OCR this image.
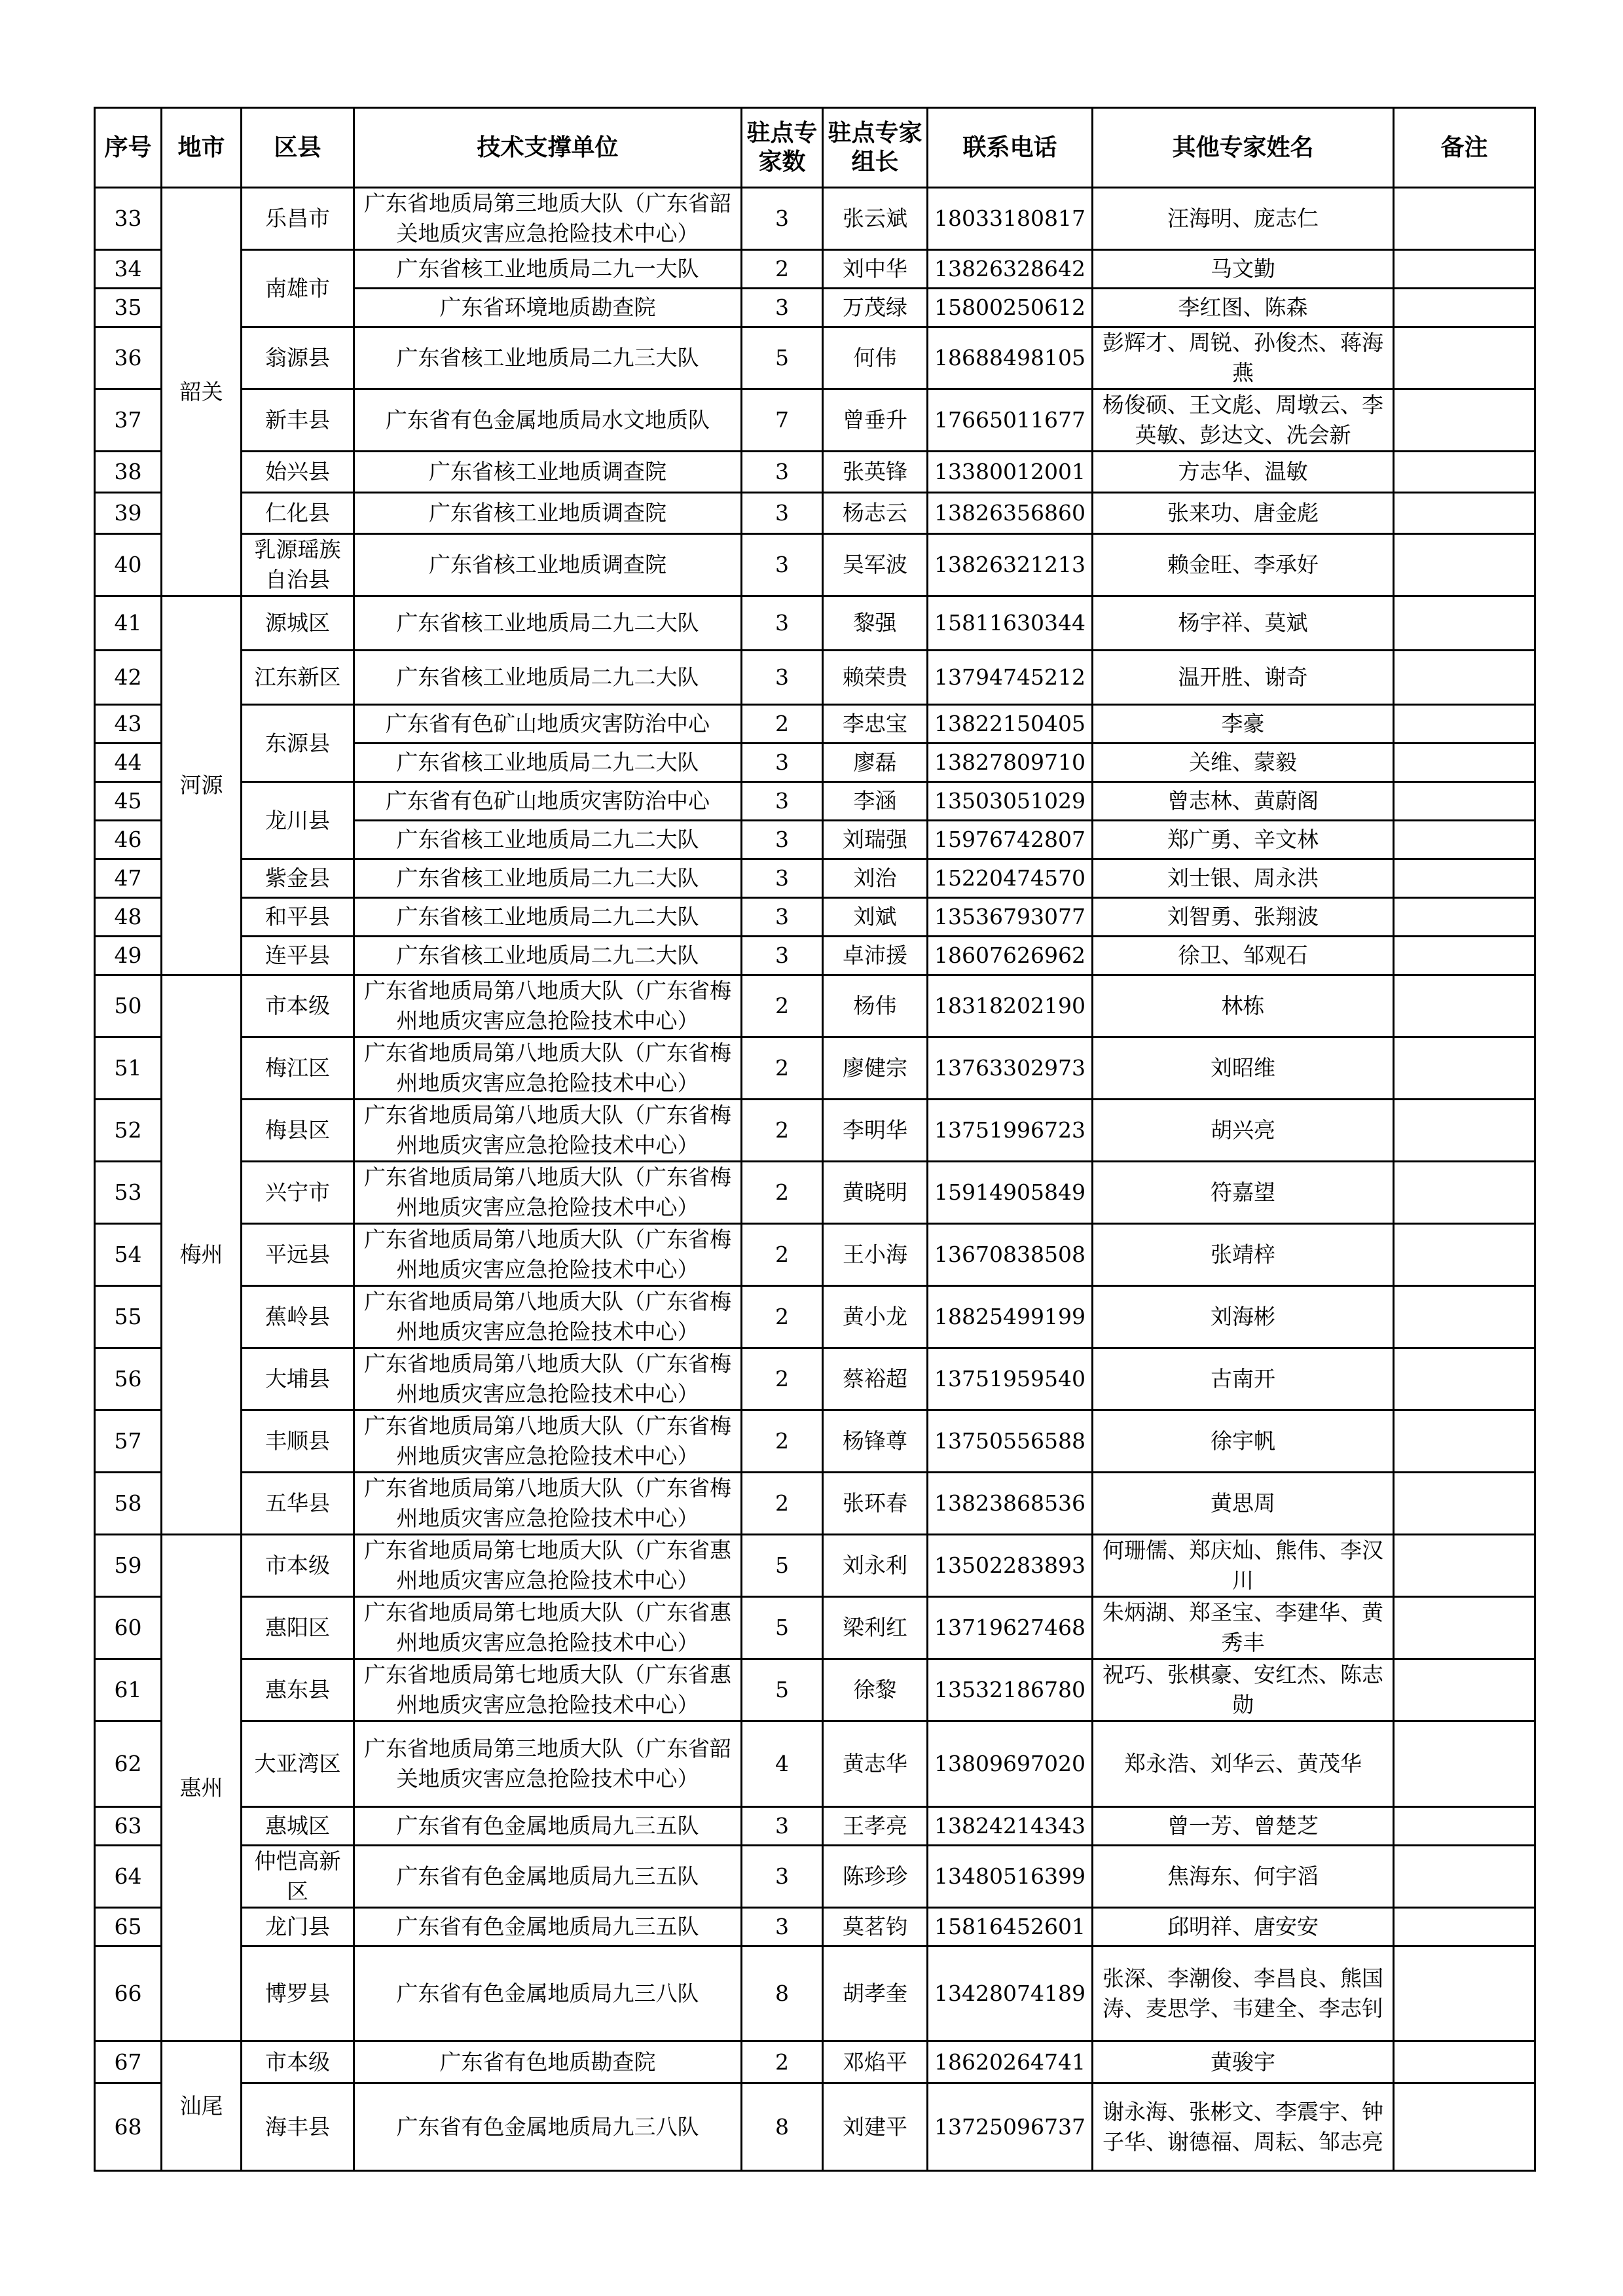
序号	地市	区县	技术支撑单位	驻点专家数	驻点专家组长	联系电话	其他专家姓名	备注
33	韶关	乐昌市	广东省地质局第三地质大队（广东省韶关地质灾害应急抢险技术中心）	3	张云斌	18033180817	汪海明、庞志仁	
34		南雄市	广东省核工业地质局二九一大队	2	刘中华	13826328642	马文勤	
35			广东省环境地质勘查院	3	万茂绿	15800250612	李红图、陈森	
36		翁源县	广东省核工业地质局二九三大队	5	何伟	18688498105	彭辉才、周锐、孙俊杰、蒋海燕	
37		新丰县	广东省有色金属地质局水文地质队	7	曾垂升	17665011677	杨俊硕、王文彪、周墩云、李英敏、彭达文、冼会新	
38		始兴县	广东省核工业地质调查院	3	张英锋	13380012001	方志华、温敏	
39		仁化县	广东省核工业地质调查院	3	杨志云	13826356860	张来功、唐金彪	
40		乳源瑶族自治县	广东省核工业地质调查院	3	吴军波	13826321213	赖金旺、李承好	
41	河源	源城区	广东省核工业地质局二九二大队	3	黎强	15811630344	杨宇祥、莫斌	
42		江东新区	广东省核工业地质局二九二大队	3	赖荣贵	13794745212	温开胜、谢奇	
43		东源县	广东省有色矿山地质灾害防治中心	2	李忠宝	13822150405	李豪	
44			广东省核工业地质局二九二大队	3	廖磊	13827809710	关维、蒙毅	
45		龙川县	广东省有色矿山地质灾害防治中心	3	李涵	13503051029	曾志林、黄蔚阁	
46			广东省核工业地质局二九二大队	3	刘瑞强	15976742807	郑广勇、辛文林	
47		紫金县	广东省核工业地质局二九二大队	3	刘治	15220474570	刘士银、周永洪	
48		和平县	广东省核工业地质局二九二大队	3	刘斌	13536793077	刘智勇、张翔波	
49		连平县	广东省核工业地质局二九二大队	3	卓沛援	18607626962	徐卫、邹观石	
50	梅州	市本级	广东省地质局第八地质大队（广东省梅州地质灾害应急抢险技术中心）	2	杨伟	18318202190	林栋	
51		梅江区	广东省地质局第八地质大队（广东省梅州地质灾害应急抢险技术中心）	2	廖健宗	13763302973	刘昭维	
52		梅县区	广东省地质局第八地质大队（广东省梅州地质灾害应急抢险技术中心）	2	李明华	13751996723	胡兴亮	
53		兴宁市	广东省地质局第八地质大队（广东省梅州地质灾害应急抢险技术中心）	2	黄晓明	15914905849	符嘉望	
54		平远县	广东省地质局第八地质大队（广东省梅州地质灾害应急抢险技术中心）	2	王小海	13670838508	张靖梓	
55		蕉岭县	广东省地质局第八地质大队（广东省梅州地质灾害应急抢险技术中心）	2	黄小龙	18825499199	刘海彬	
56		大埔县	广东省地质局第八地质大队（广东省梅州地质灾害应急抢险技术中心）	2	蔡裕超	13751959540	古南开	
57		丰顺县	广东省地质局第八地质大队（广东省梅州地质灾害应急抢险技术中心）	2	杨锋尊	13750556588	徐宇帆	
58		五华县	广东省地质局第八地质大队（广东省梅州地质灾害应急抢险技术中心）	2	张环春	13823868536	黄思周	
59	惠州	市本级	广东省地质局第七地质大队（广东省惠州地质灾害应急抢险技术中心）	5	刘永利	13502283893	何珊儒、郑庆灿、熊伟、李汉川	
60		惠阳区	广东省地质局第七地质大队（广东省惠州地质灾害应急抢险技术中心）	5	梁利红	13719627468	朱炳湖、郑圣宝、李建华、黄秀丰	
61		惠东县	广东省地质局第七地质大队（广东省惠州地质灾害应急抢险技术中心）	5	徐黎	13532186780	祝巧、张棋豪、安红杰、陈志勋	
62		大亚湾区	广东省地质局第三地质大队（广东省韶关地质灾害应急抢险技术中心）	4	黄志华	13809697020	郑永浩、刘华云、黄茂华	
63		惠城区	广东省有色金属地质局九三五队	3	王孝亮	13824214343	曾一芳、曾楚芝	
64		仲恺高新区	广东省有色金属地质局九三五队	3	陈珍珍	13480516399	焦海东、何宇滔	
65		龙门县	广东省有色金属地质局九三五队	3	莫茗钧	15816452601	邱明祥、唐安安	
66		博罗县	广东省有色金属地质局九三八队	8	胡孝奎	13428074189	张深、李潮俊、李昌良、熊国涛、麦思学、韦建全、李志钊	
67	汕尾	市本级	广东省有色地质勘查院	2	邓焰平	18620264741	黄骏宇	
68		海丰县	广东省有色金属地质局九三八队	8	刘建平	13725096737	谢永海、张彬文、李震宇、钟子华、谢德福、周耘、邹志亮	
